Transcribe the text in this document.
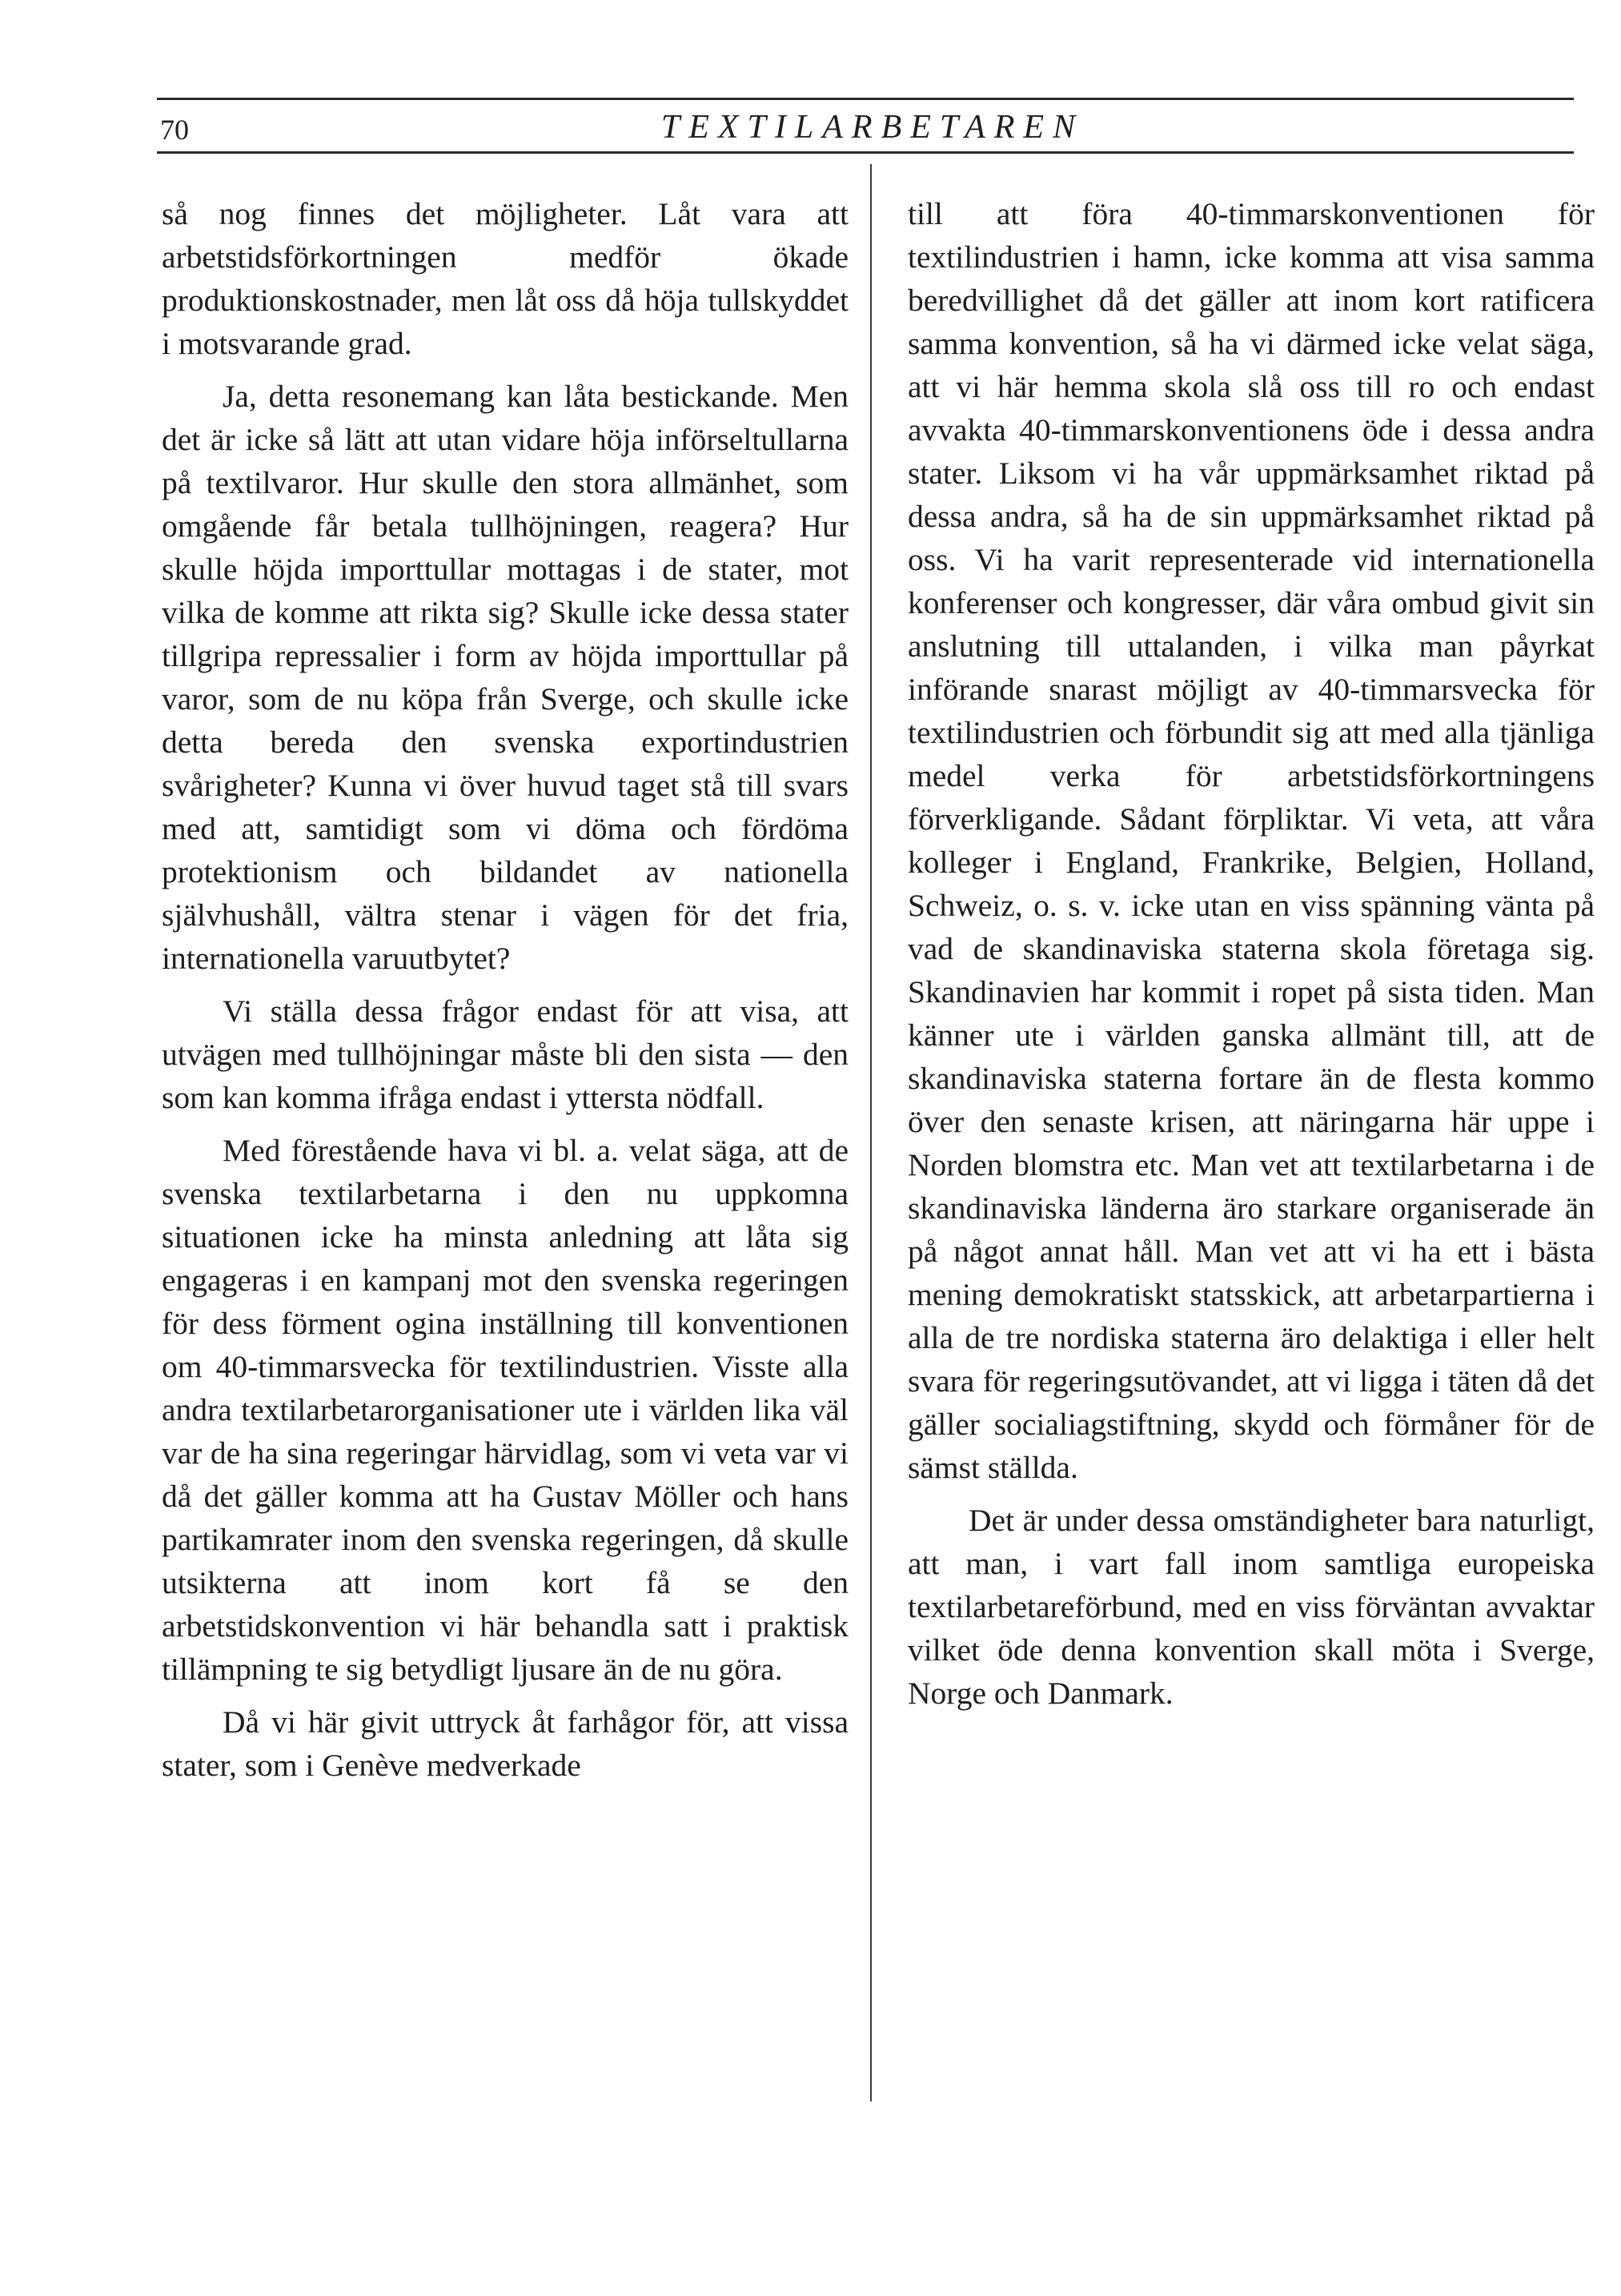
70	TEXTILARBETAREN

så nog finnes det möjligheter. Låt vara att arbetstidsförkortningen medför ökade produktionskostnader, men låt oss då höja tullskyddet i motsvarande grad.

Ja, detta resonemang kan låta bestickande. Men det är icke så lätt att utan vidare höja införseltullarna på textilvaror. Hur skulle den stora allmänhet, som omgående får betala tullhöjningen, reagera? Hur skulle höjda importtullar mottagas i de stater, mot vilka de komme att rikta sig? Skulle icke dessa stater tillgripa repressalier i form av höjda importtullar på varor, som de nu köpa från Sverge, och skulle icke detta bereda den svenska exportindustrien svårigheter? Kunna vi över huvud taget stå till svars med att, samtidigt som vi döma och fördöma protektionism och bildandet av nationella självhushåll, vältra stenar i vägen för det fria, internationella varuutbytet?

Vi ställa dessa frågor endast för att visa, att utvägen med tullhöjningar måste bli den sista — den som kan komma ifråga endast i yttersta nödfall.

Med förestående hava vi bl. a. velat säga, att de svenska textilarbetarna i den nu uppkomna situationen icke ha minsta anledning att låta sig engageras i en kampanj mot den svenska regeringen för dess förment ogina inställning till konventionen om 40-timmarsvecka för textilindustrien. Visste alla andra textilarbetarorganisationer ute i världen lika väl var de ha sina regeringar härvidlag, som vi veta var vi då det gäller komma att ha Gustav Möller och hans partikamrater inom den svenska regeringen, då skulle utsikterna att inom kort få se den arbetstidskonvention vi här behandla satt i praktisk tillämpning te sig betydligt ljusare än de nu göra.

Då vi här givit uttryck åt farhågor för, att vissa stater, som i Genève medverkade

till att föra 40-timmarskonventionen för textilindustrien i hamn, icke komma att visa samma beredvillighet då det gäller att inom kort ratificera samma konvention, så ha vi därmed icke velat säga, att vi här hemma skola slå oss till ro och endast avvakta 40-timmarskonventionens öde i dessa andra stater. Liksom vi ha vår uppmärksamhet riktad på dessa andra, så ha de sin uppmärksamhet riktad på oss. Vi ha varit representerade vid internationella konferenser och kongresser, där våra ombud givit sin anslutning till uttalanden, i vilka man påyrkat införande snarast möjligt av 40-timmarsvecka för textilindustrien och förbundit sig att med alla tjänliga medel verka för arbetstidsförkortningens förverkligande. Sådant förpliktar. Vi veta, att våra kolleger i England, Frankrike, Belgien, Holland, Schweiz, o. s. v. icke utan en viss spänning vänta på vad de skandinaviska staterna skola företaga sig. Skandinavien har kommit i ropet på sista tiden. Man känner ute i världen ganska allmänt till, att de skandinaviska staterna fortare än de flesta kommo över den senaste krisen, att näringarna här uppe i Norden blomstra etc. Man vet att textilarbetarna i de skandinaviska länderna äro starkare organiserade än på något annat håll. Man vet att vi ha ett i bästa mening demokratiskt statsskick, att arbetarpartierna i alla de tre nordiska staterna äro delaktiga i eller helt svara för regeringsutövandet, att vi ligga i täten då det gäller socialiagstiftning, skydd och förmåner för de sämst ställda.

Det är under dessa omständigheter bara naturligt, att man, i vart fall inom samtliga europeiska textilarbetareförbund, med en viss förväntan avvaktar vilket öde denna konvention skall möta i Sverge, Norge och Danmark.
